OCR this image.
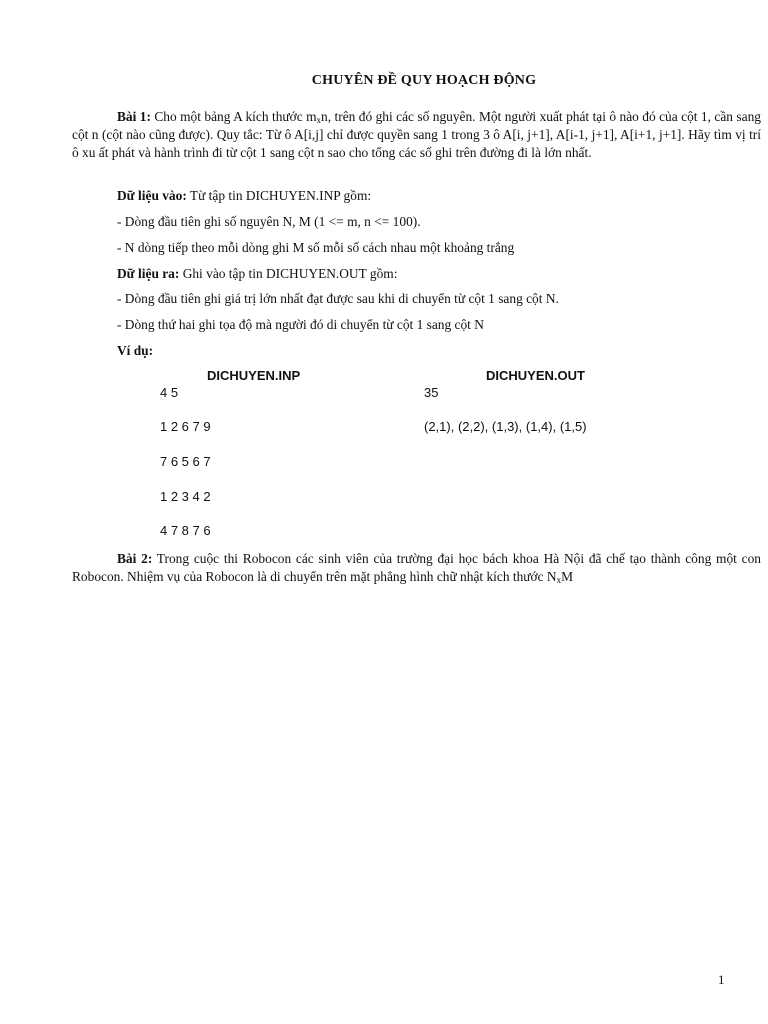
CHUYÊN ĐỀ QUY HOẠCH ĐỘNG
Bài 1: Cho một bảng A kích thước $m_xn$, trên đó ghi các số nguyên. Một người xuất phát tại ô nào đó của cột 1, cần sang cột n (cột nào cũng được). Quy tắc: Từ ô A[i,j] chỉ được quyền sang 1 trong 3 ô A[i, j+1], A[i-1, j+1], A[i+1, j+1]. Hãy tìm vị trí ô xu ất phát và hành trình đi từ cột 1 sang cột n sao cho tổng các số ghi trên đường đi là lớn nhất.
Dữ liệu vào: Từ tập tin DICHUYEN.INP gồm:
- Dòng đầu tiên ghi số nguyên N, M (1 <= m, n <= 100).
- N dòng tiếp theo mỗi dòng ghi M số mỗi số cách nhau một khoảng trắng
Dữ liệu ra: Ghi vào tập tin DICHUYEN.OUT gồm:
- Dòng đầu tiên ghi giá trị lớn nhất đạt được sau khi di chuyển từ cột 1 sang cột N.
- Dòng thứ hai ghi tọa độ mà người đó di chuyển từ cột 1 sang cột N
Ví dụ:
DICHUYEN.INP	DICHUYEN.OUT
4 5
1 2 6 7 9
7 6 5 6 7
1 2 3 4 2
4 7 8 7 6
35
(2,1), (2,2), (1,3), (1,4), (1,5)
Bài 2: Trong cuộc thi Robocon các sinh viên của trường đại học bách khoa Hà Nội đã chế tạo thành công một con Robocon. Nhiệm vụ của Robocon là di chuyển trên mặt phẳng hình chữ nhật kích thước $N_xM$
1
